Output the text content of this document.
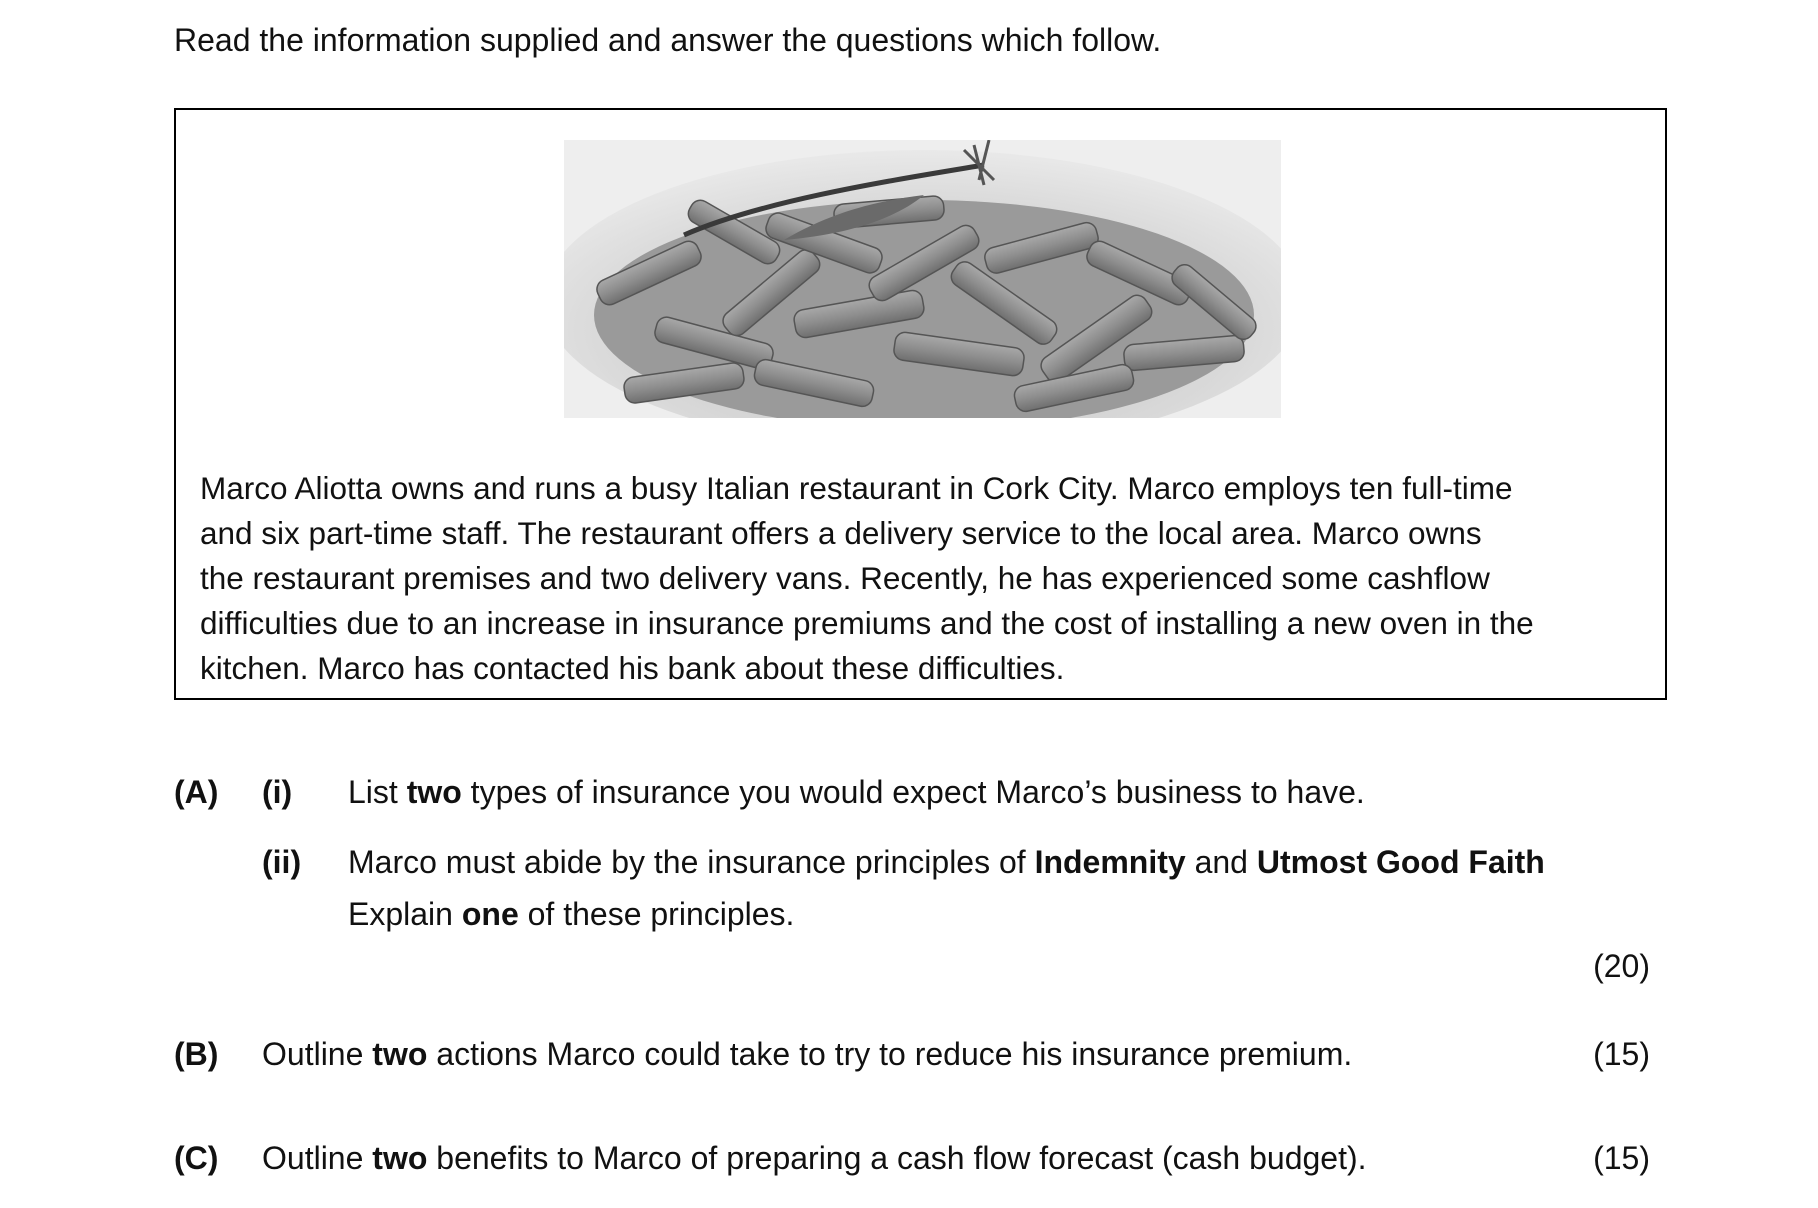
Read the information supplied and answer the questions which follow.

Marco Aliotta owns and runs a busy Italian restaurant in Cork City. Marco employs ten full-time
and six part-time staff. The restaurant offers a delivery service to the local area. Marco owns
the restaurant premises and two delivery vans. Recently, he has experienced some cashflow
difficulties due to an increase in insurance premiums and the cost of installing a new oven in the
kitchen. Marco has contacted his bank about these difficulties.

(A) (i) List two types of insurance you would expect Marco’s business to have.

(ii) Marco must abide by the insurance principles of Indemnity and Utmost Good Faith

Explain one of these principles.

(20)
(B) Outline two actions Marco could take to try to reduce his insurance premium.	(15)
(C) Outline two benefits to Marco of preparing a cash flow forecast (cash budget).	(15)
